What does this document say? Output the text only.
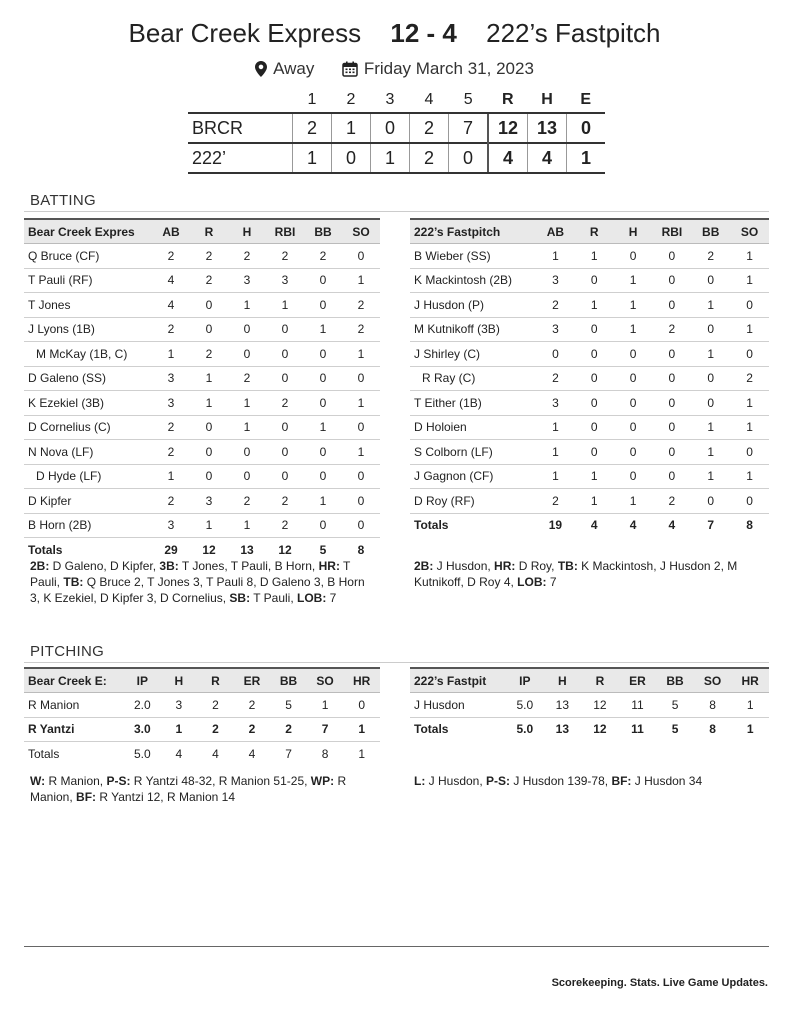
Bear Creek Express 12 - 4 222’s Fastpitch
Away	Friday March 31, 2023
	1	2	3	4	5	R	H	E
BRCR	2	1	0	2	7	12	13	0
222’	1	0	1	2	0	4	4	1
BATTING
Bear Creek Expres	AB	R	H	RBI	BB	SO
Q Bruce (CF)	2	2	2	2	2	0
T Pauli (RF)	4	2	3	3	0	1
T Jones	4	0	1	1	0	2
J Lyons (1B)	2	0	0	0	1	2
M McKay (1B, C)	1	2	0	0	0	1
D Galeno (SS)	3	1	2	0	0	0
K Ezekiel (3B)	3	1	1	2	0	1
D Cornelius (C)	2	0	1	0	1	0
N Nova (LF)	2	0	0	0	0	1
D Hyde (LF)	1	0	0	0	0	0
D Kipfer	2	3	2	2	1	0
B Horn (2B)	3	1	1	2	0	0
Totals	29	12	13	12	5	8
222’s Fastpitch	AB	R	H	RBI	BB	SO
B Wieber (SS)	1	1	0	0	2	1
K Mackintosh (2B)	3	0	1	0	0	1
J Husdon (P)	2	1	1	0	1	0
M Kutnikoff (3B)	3	0	1	2	0	1
J Shirley (C)	0	0	0	0	1	0
R Ray (C)	2	0	0	0	0	2
T Either (1B)	3	0	0	0	0	1
D Holoien	1	0	0	0	1	1
S Colborn (LF)	1	0	0	0	1	0
J Gagnon (CF)	1	1	0	0	1	1
D Roy (RF)	2	1	1	2	0	0
Totals	19	4	4	4	7	8
2B: D Galeno, D Kipfer, 3B: T Jones, T Pauli, B Horn, HR: T Pauli, TB: Q Bruce 2, T Jones 3, T Pauli 8, D Galeno 3, B Horn 3, K Ezekiel, D Kipfer 3, D Cornelius, SB: T Pauli, LOB: 7
2B: J Husdon, HR: D Roy, TB: K Mackintosh, J Husdon 2, M Kutnikoff, D Roy 4, LOB: 7
PITCHING
Bear Creek E:	IP	H	R	ER	BB	SO	HR
R Manion	2.0	3	2	2	5	1	0
R Yantzi	3.0	1	2	2	2	7	1
Totals	5.0	4	4	4	7	8	1
222’s Fastpit	IP	H	R	ER	BB	SO	HR
J Husdon	5.0	13	12	11	5	8	1
Totals	5.0	13	12	11	5	8	1
W: R Manion, P-S: R Yantzi 48-32, R Manion 51-25, WP: R Manion, BF: R Yantzi 12, R Manion 14
L: J Husdon, P-S: J Husdon 139-78, BF: J Husdon 34
Scorekeeping. Stats. Live Game Updates.
